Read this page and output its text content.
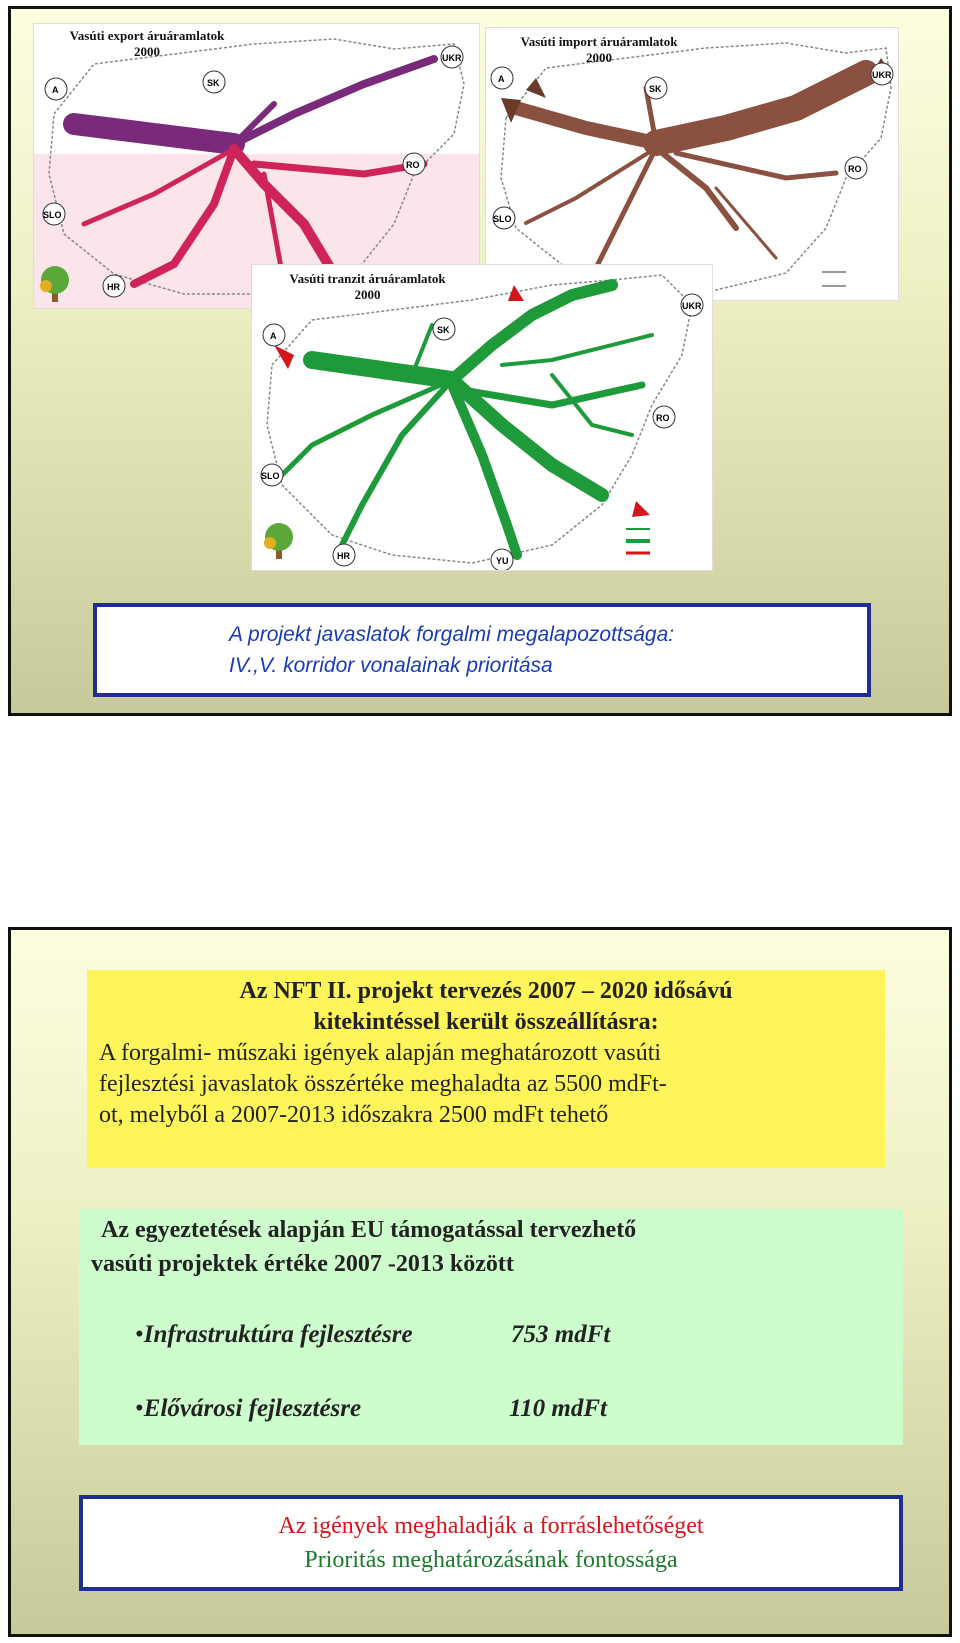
A
SK
UKR
RO
SLO
HR
Vasúti export áruáramlatok
2000
A
SK
UKR
RO
SLO
Vasúti import áruáramlatok
2000
A
SK
UKR
RO
SLO
HR	YU
Vasúti tranzit áruáramlatok
2000
A projekt javaslatok forgalmi megalapozottsága:
IV.,V. korridor vonalainak prioritása
Az NFT II. projekt tervezés 2007 – 2020 idősávú
kitekintéssel került összeállításra:
A forgalmi- műszaki igények alapján meghatározott vasúti
fejlesztési javaslatok összértéke meghaladta az 5500 mdFt-
ot, melyből a 2007-2013 időszakra 2500 mdFt tehető
Az egyeztetések alapján EU támogatással tervezhető
vasúti projektek értéke 2007 -2013 között
•Infrastruktúra fejlesztésre	753 mdFt
•Elővárosi fejlesztésre	110 mdFt
Az igények meghaladják a forráslehetőséget
Prioritás meghatározásának fontossága
